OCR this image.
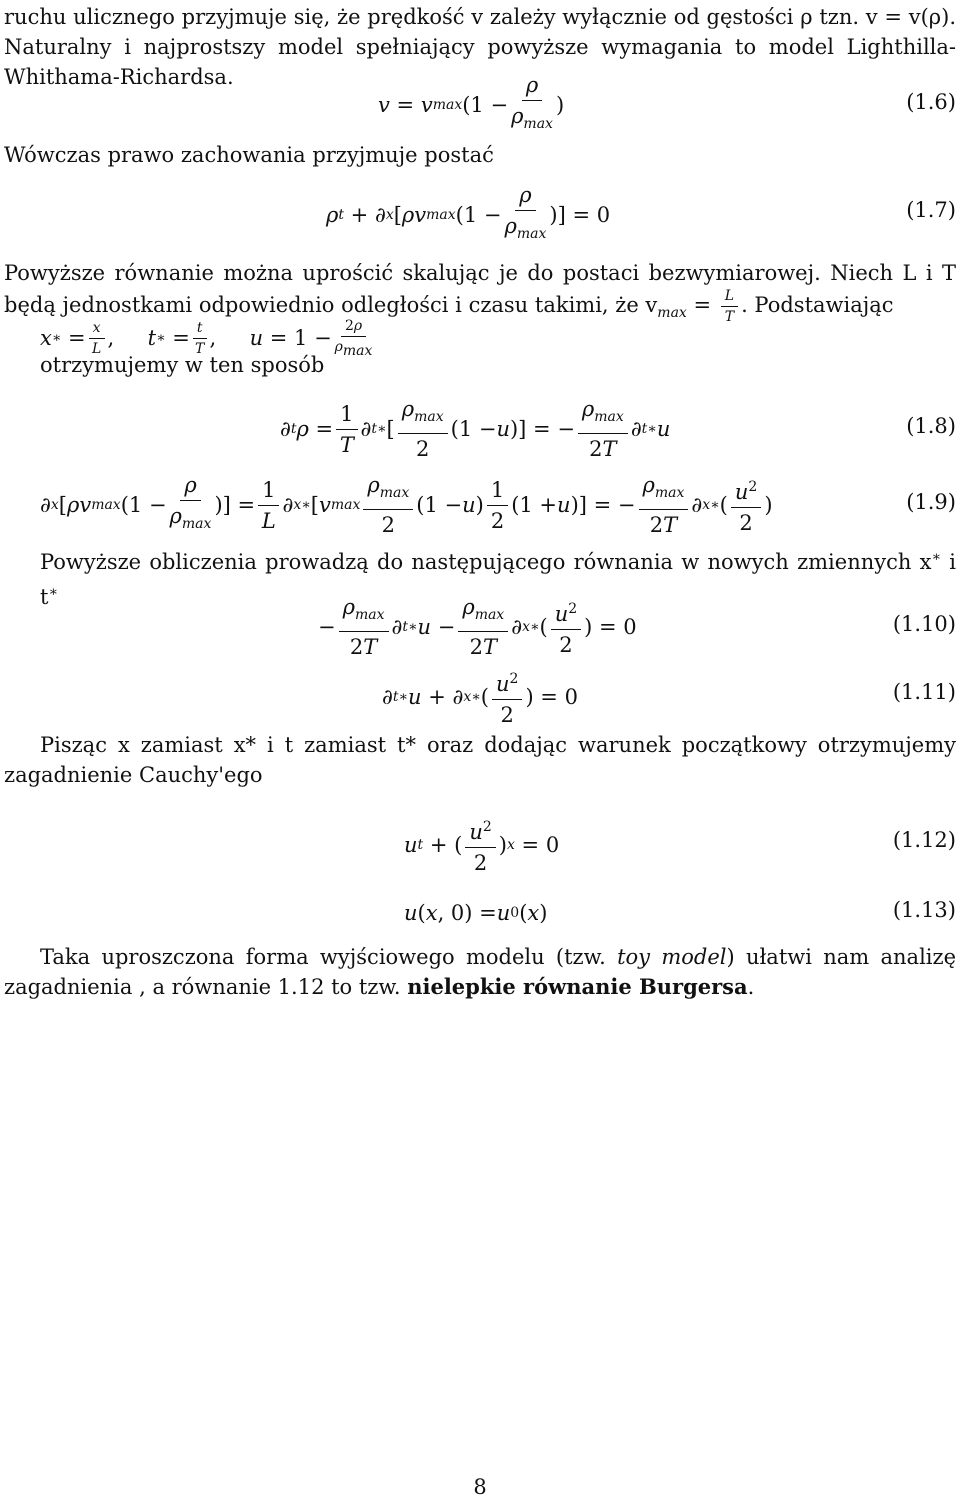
ruchu ulicznego przyjmuje się, że prędkość v zależy wyłącznie od gęstości ρ tzn. v = v(ρ). Naturalny i najprostszy model spełniający powyższe wymagania to model Lighthilla-Whithama-Richardsa.
v = v $\max (1 - \frac{\rho}{\rho_{max}}$ )	(1.6)
Wówczas prawo zachowania przyjmuje postać
ρ t + ∂ x [ ρv $\max (1 - \frac{\rho}{\rho_{max}}$ )] = 0	(1.7)
Powyższe równanie można uprościć skalując je do postaci bezwymiarowej. Niech L i T będą jednostkami odpowiednio odległości i czasu takimi, że $v_{max} = \frac{L}{T}$ . Podstawiając
x ∗ = $\frac{x}{L}$ , t ∗ = $\frac{t}{T}$ , $u = 1 - \frac{2\rho}{\rho_{max}}$
otrzymujemy w ten sposób
∂ t $\rho = \frac{1}{T}$ ∂ t∗ [ $\frac{\rho_{max}}{2} (1 - u$ )] = − $\frac{\rho_{max}}{2T}$ ∂ t∗ u	(1.8)
∂ x [ ρv $\max (1 - \frac{\rho}{\rho_{max}}$ )] = $\frac{1}{L}$ ∂ x∗ [ v $\max \frac{\rho_{max}}{2} (1 - u$ ) $\frac{1}{2} (1 + u$ )] = − $\frac{\rho_{max}}{2T}$ ∂ x∗ ( $\frac{u^2}{2}$ )	(1.9)
Powyższe obliczenia prowadzą do następującego równania w nowych zmiennych x∗ i t∗
− $\frac{\rho_{max}}{2T}$ ∂ t∗ $u - \frac{\rho_{max}}{2T}$ ∂ x∗ ( $\frac{u^2}{2}$ ) = 0	(1.10)
∂ t∗ u + ∂ x∗ ( $\frac{u^2}{2}$ ) = 0	(1.11)
Pisząc x zamiast x* i t zamiast t* oraz dodając warunek początkowy otrzymujemy zagadnienie Cauchy'ego
u t + ( $\frac{u^2}{2}$ ) x = 0	(1.12)
u ( x , 0) = u 0 ( x )	(1.13)
Taka uproszczona forma wyjściowego modelu (tzw. toy model) ułatwi nam analizę zagadnienia , a równanie 1.12 to tzw. nielepkie równanie Burgersa.
8
